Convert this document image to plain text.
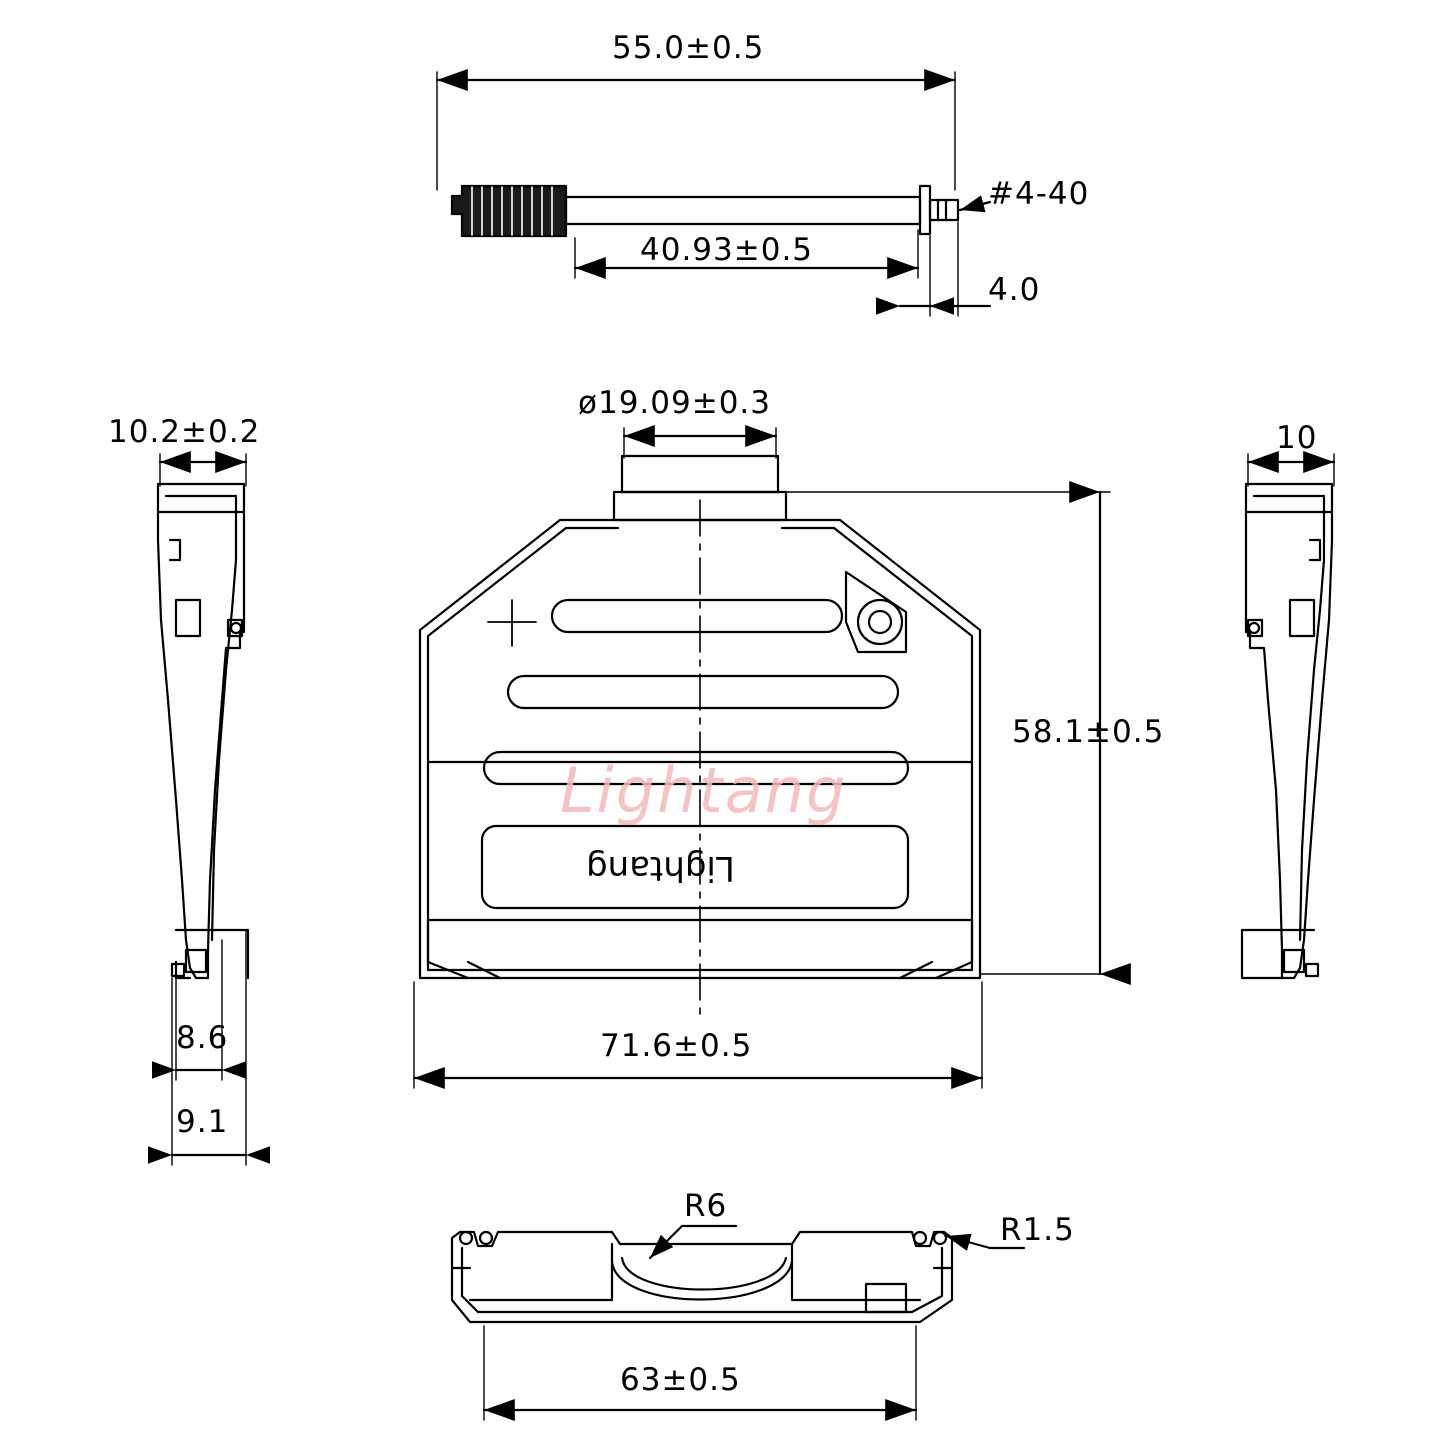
55.0±0.5
#4-40
40.93±0.5
4.0
ø19.09±0.3
10.2±0.2	10
58.1±0.5
71.6±0.5
8.6
9.1
R6
R1.5
63±0.5
Lightang
Lightang
